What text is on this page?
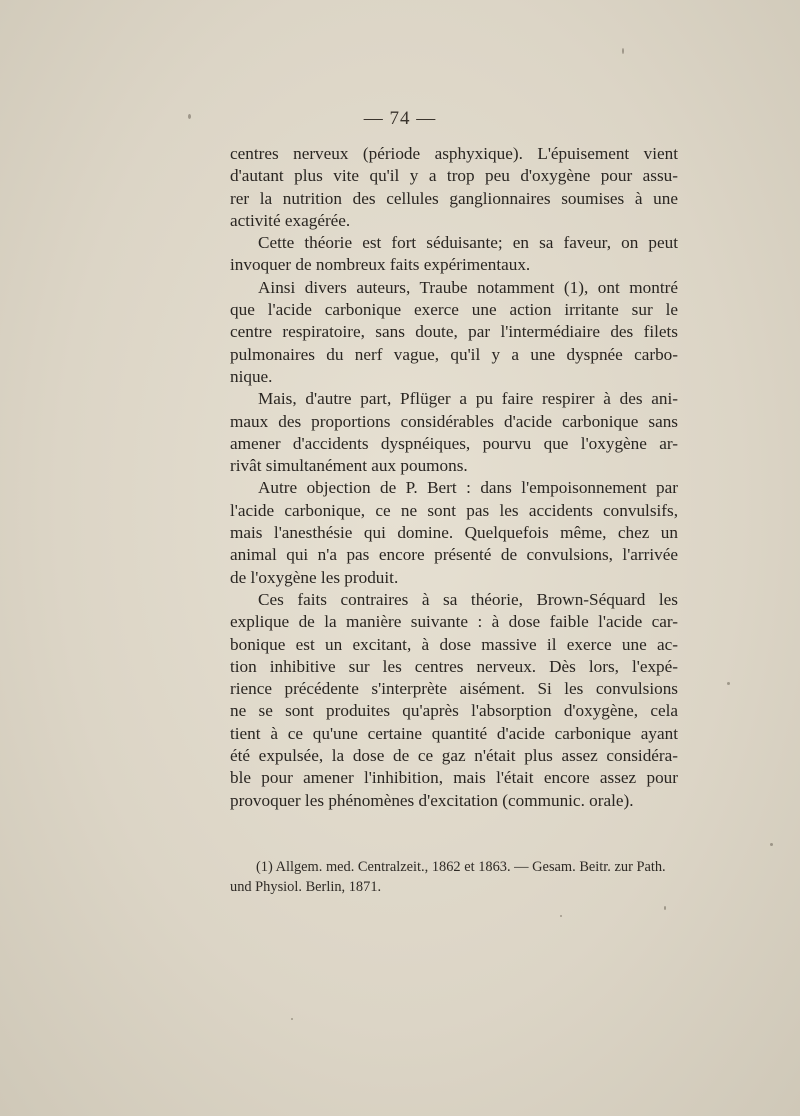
— 74 —

centres nerveux (période asphyxique). L'épuisement vient
d'autant plus vite qu'il y a trop peu d'oxygène pour assu-
rer la nutrition des cellules ganglionnaires soumises à une
activité exagérée.

Cette théorie est fort séduisante; en sa faveur, on peut
invoquer de nombreux faits expérimentaux.

Ainsi divers auteurs, Traube notamment (1), ont montré
que l'acide carbonique exerce une action irritante sur le
centre respiratoire, sans doute, par l'intermédiaire des filets
pulmonaires du nerf vague, qu'il y a une dyspnée carbo-
nique.

Mais, d'autre part, Pflüger a pu faire respirer à des ani-
maux des proportions considérables d'acide carbonique sans
amener d'accidents dyspnéiques, pourvu que l'oxygène ar-
rivât simultanément aux poumons.

Autre objection de P. Bert : dans l'empoisonnement par
l'acide carbonique, ce ne sont pas les accidents convulsifs,
mais l'anesthésie qui domine. Quelquefois même, chez un
animal qui n'a pas encore présenté de convulsions, l'arrivée
de l'oxygène les produit.

Ces faits contraires à sa théorie, Brown-Séquard les
explique de la manière suivante : à dose faible l'acide car-
bonique est un excitant, à dose massive il exerce une ac-
tion inhibitive sur les centres nerveux. Dès lors, l'expé-
rience précédente s'interprète aisément. Si les convulsions
ne se sont produites qu'après l'absorption d'oxygène, cela
tient à ce qu'une certaine quantité d'acide carbonique ayant
été expulsée, la dose de ce gaz n'était plus assez considéra-
ble pour amener l'inhibition, mais l'était encore assez pour
provoquer les phénomènes d'excitation (communic. orale).

(1) Allgem. med. Centralzeit., 1862 et 1863. — Gesam. Beitr. zur Path.
und Physiol. Berlin, 1871.
